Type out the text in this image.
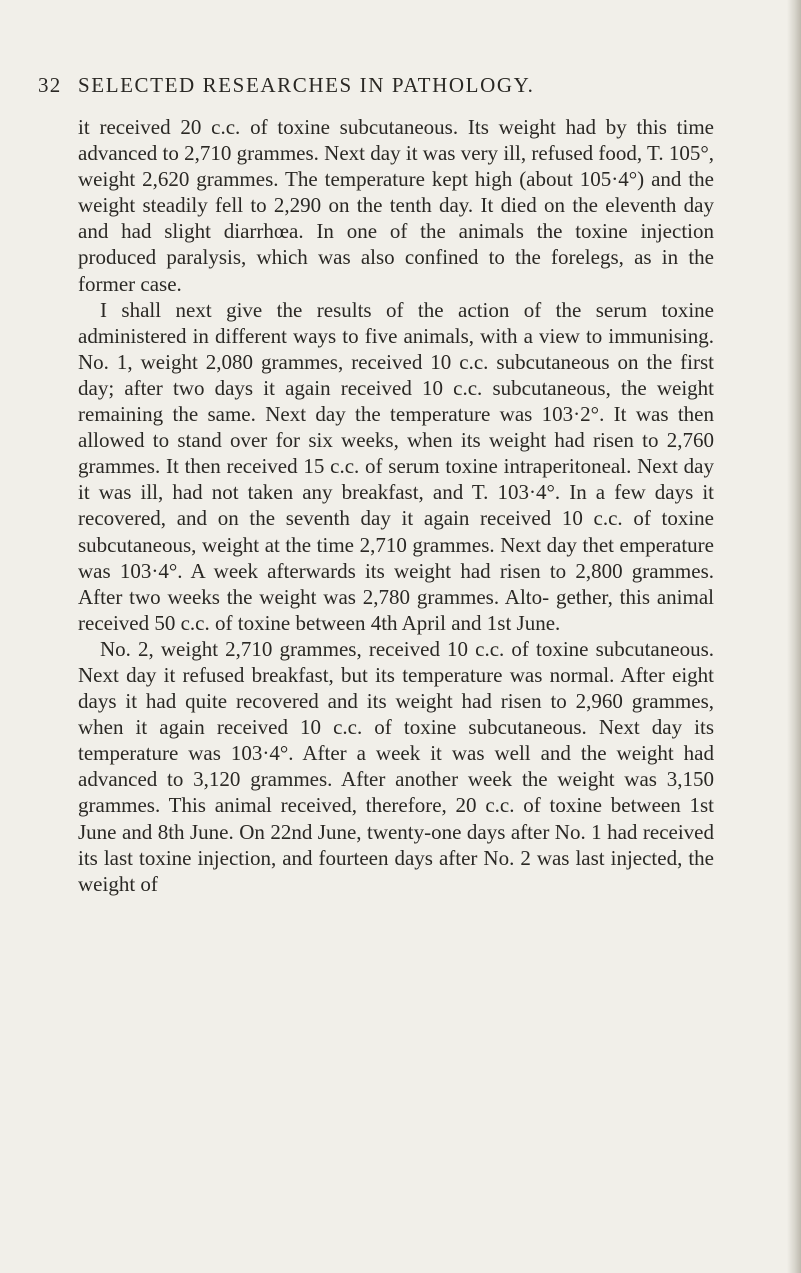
32 SELECTED RESEARCHES IN PATHOLOGY.

it received 20 c.c. of toxine subcutaneous. Its weight had by this time advanced to 2,710 grammes. Next day it was very ill, refused food, T. 105°, weight 2,620 grammes. The temperature kept high (about 105·4°) and the weight steadily fell to 2,290 on the tenth day. It died on the eleventh day and had slight diarrhœa. In one of the animals the toxine injection produced paralysis, which was also confined to the forelegs, as in the former case.

I shall next give the results of the action of the serum toxine administered in different ways to five animals, with a view to immunising. No. 1, weight 2,080 grammes, received 10 c.c. subcutaneous on the first day; after two days it again received 10 c.c. subcutaneous, the weight remaining the same. Next day the temperature was 103·2°. It was then allowed to stand over for six weeks, when its weight had risen to 2,760 grammes. It then received 15 c.c. of serum toxine intraperitoneal. Next day it was ill, had not taken any breakfast, and T. 103·4°. In a few days it recovered, and on the seventh day it again received 10 c.c. of toxine subcutaneous, weight at the time 2,710 grammes. Next day thet emperature was 103·4°. A week afterwards its weight had risen to 2,800 grammes. After two weeks the weight was 2,780 grammes. Alto- gether, this animal received 50 c.c. of toxine between 4th April and 1st June.

No. 2, weight 2,710 grammes, received 10 c.c. of toxine subcutaneous. Next day it refused breakfast, but its temperature was normal. After eight days it had quite recovered and its weight had risen to 2,960 grammes, when it again received 10 c.c. of toxine subcutaneous. Next day its temperature was 103·4°. After a week it was well and the weight had advanced to 3,120 grammes. After another week the weight was 3,150 grammes. This animal received, therefore, 20 c.c. of toxine between 1st June and 8th June. On 22nd June, twenty-one days after No. 1 had received its last toxine injection, and fourteen days after No. 2 was last injected, the weight of
